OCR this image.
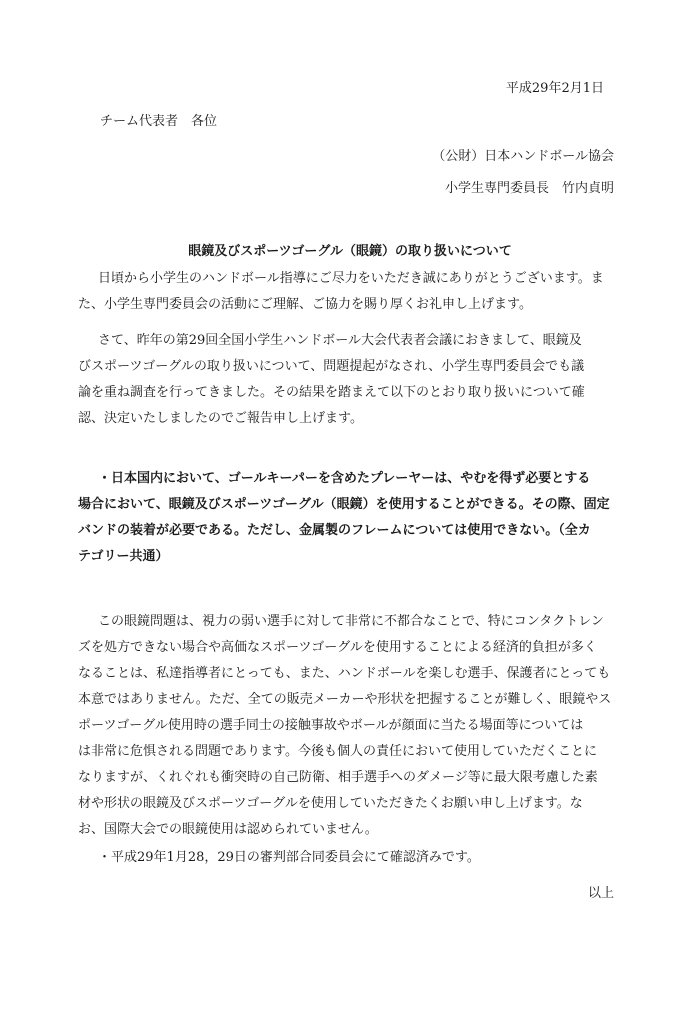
平成29年2月1日

チーム代表者　各位

（公財）日本ハンドボール協会

小学生専門委員長　竹内貞明

眼鏡及びスポーツゴーグル（眼鏡）の取り扱いについて
日頃から小学生のハンドボール指導にご尽力をいただき誠にありがとうございます。ま
た、小学生専門委員会の活動にご理解、ご協力を賜り厚くお礼申し上げます。
さて、昨年の第29回全国小学生ハンドボール大会代表者会議におきまして、眼鏡及
びスポーツゴーグルの取り扱いについて、問題提起がなされ、小学生専門委員会でも議
論を重ね調査を行ってきました。その結果を踏まえて以下のとおり取り扱いについて確
認、決定いたしましたのでご報告申し上げます。
・日本国内において、ゴールキーパーを含めたプレーヤーは、やむを得ず必要とする
場合において、眼鏡及びスポーツゴーグル（眼鏡）を使用することができる。その際、固定
バンドの装着が必要である。ただし、金属製のフレームについては使用できない。（全カ
テゴリー共通）
この眼鏡問題は、視力の弱い選手に対して非常に不都合なことで、特にコンタクトレン
ズを処方できない場合や高価なスポーツゴーグルを使用することによる経済的負担が多く
なることは、私達指導者にとっても、また、ハンドボールを楽しむ選手、保護者にとっても
本意ではありません。ただ、全ての販売メーカーや形状を把握することが難しく、眼鏡やス
ポーツゴーグル使用時の選手同士の接触事故やボールが顔面に当たる場面等については
は非常に危惧される問題であります。今後も個人の責任において使用していただくことに
なりますが、くれぐれも衝突時の自己防衛、相手選手へのダメージ等に最大限考慮した素
材や形状の眼鏡及びスポーツゴーグルを使用していただきたくお願い申し上げます。な
お、国際大会での眼鏡使用は認められていません。
・平成29年1月28，29日の審判部合同委員会にて確認済みです。

以上
